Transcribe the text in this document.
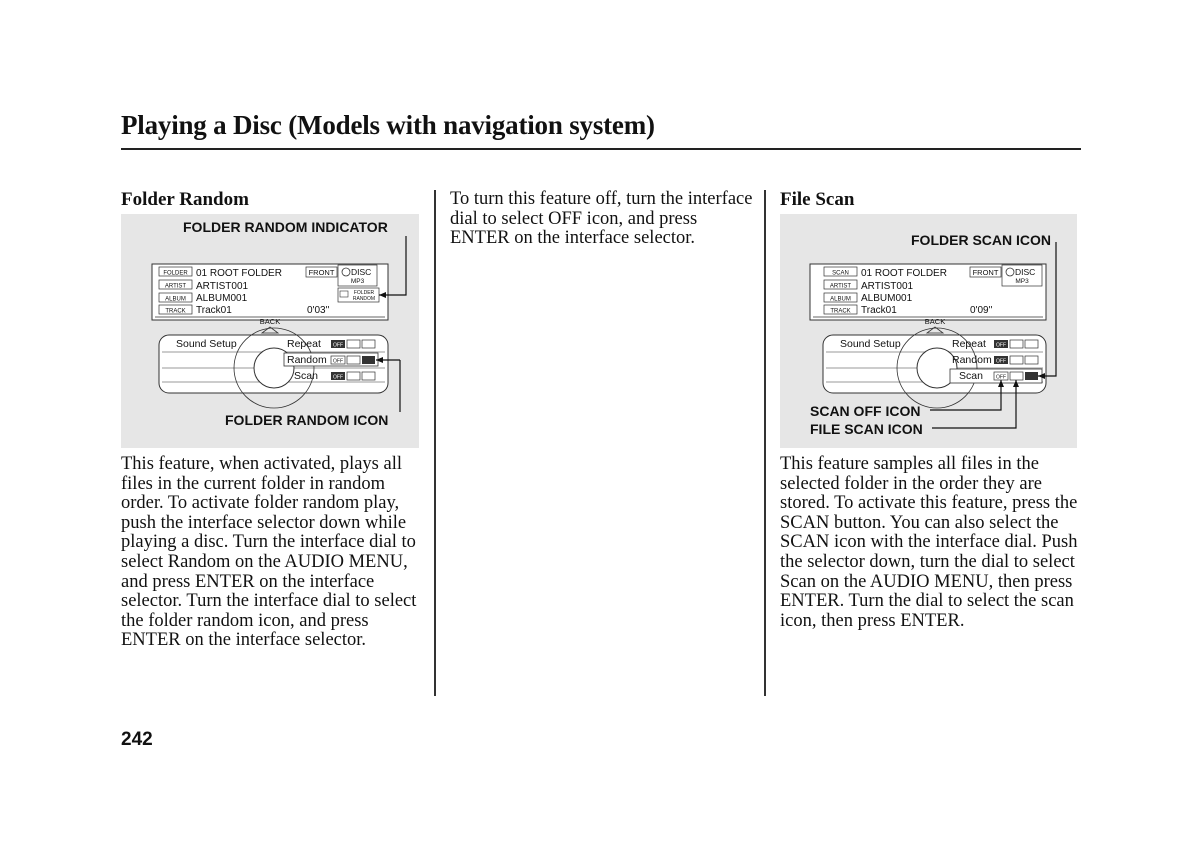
Playing a Disc (Models with navigation system)
Folder Random
FOLDER RANDOM INDICATOR
FOLDER RANDOM ICON
FOLDER
ARTIST
ALBUM
TRACK
01 ROOT FOLDER
ARTIST001
ALBUM001
Track01	0'03''
FRONT DISC
MP3
FOLDER
RANDOM
BACK
Sound Setup	Repeat
Random
Scan
OFF
OFF
OFF
This feature, when activated, plays all files in the current folder in random order. To activate folder random play, push the interface selector down while playing a disc. Turn the interface dial to select Random on the AUDIO MENU, and press ENTER on the interface selector. Turn the interface dial to select the folder random icon, and press ENTER on the interface selector.
To turn this feature off, turn the interface dial to select OFF icon, and press ENTER on the interface selector.
File Scan
FOLDER SCAN ICON
SCAN OFF ICON
FILE SCAN ICON
SCAN
ARTIST
ALBUM
TRACK
01 ROOT FOLDER
ARTIST001
ALBUM001
Track01	0'09''
FRONT DISC
MP3
BACK
Sound Setup	Repeat
Random
Scan
OFF
OFF
OFF
This feature samples all files in the selected folder in the order they are stored. To activate this feature, press the SCAN button. You can also select the SCAN icon with the interface dial. Push the selector down, turn the dial to select Scan on the AUDIO MENU, then press ENTER. Turn the dial to select the scan icon, then press ENTER.
242
